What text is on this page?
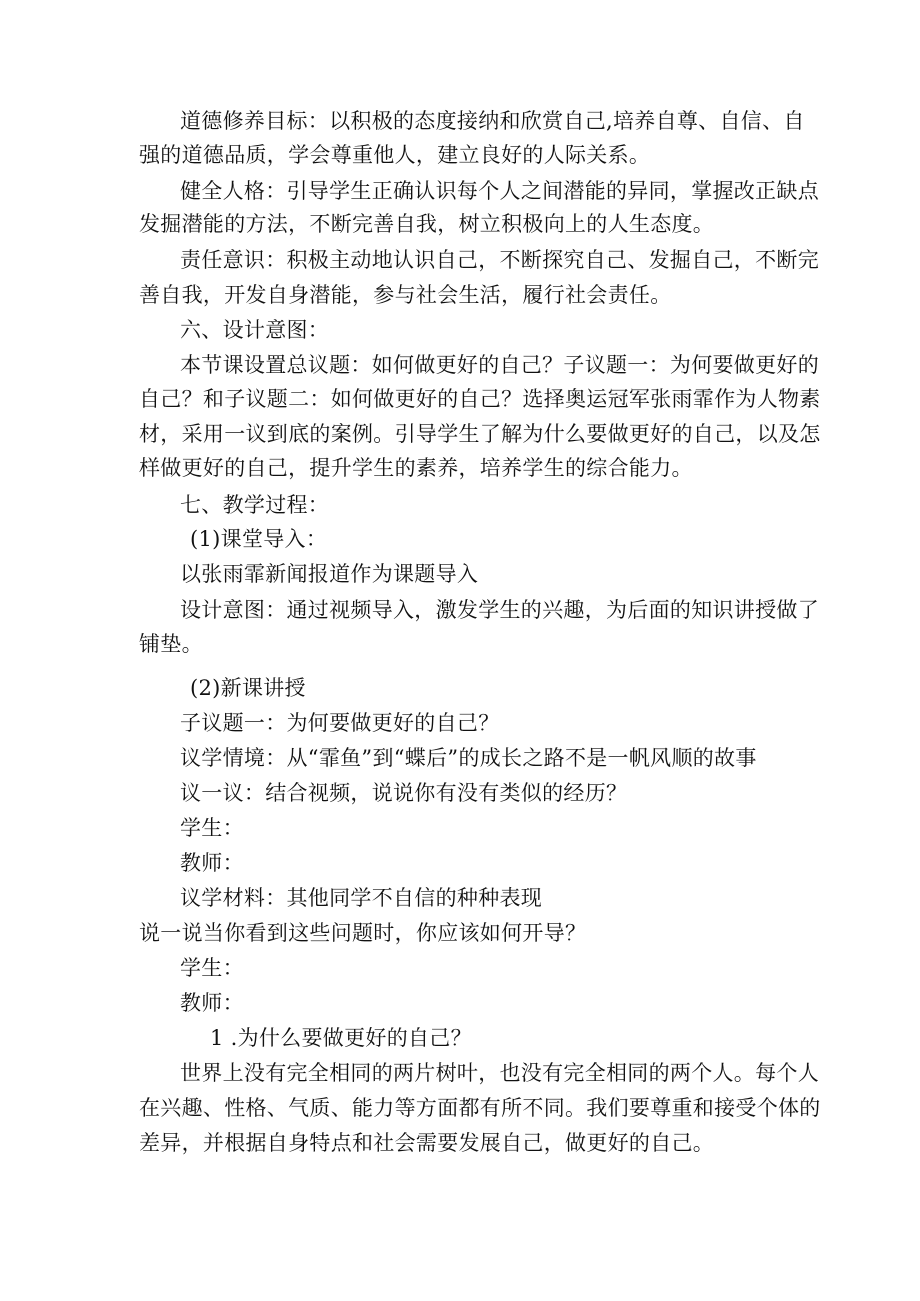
道德修养目标：以积极的态度接纳和欣赏自己,培养自尊、自信、自
强的道德品质，学会尊重他人，建立良好的人际关系。
健全人格：引导学生正确认识每个人之间潜能的异同，掌握改正缺点
发掘潜能的方法，不断完善自我，树立积极向上的人生态度。
责任意识：积极主动地认识自己，不断探究自己、发掘自己，不断完
善自我，开发自身潜能，参与社会生活，履行社会责任。
六、设计意图：
本节课设置总议题：如何做更好的自己？子议题一：为何要做更好的
自己？和子议题二：如何做更好的自己？选择奥运冠军张雨霏作为人物素
材，采用一议到底的案例。引导学生了解为什么要做更好的自己，以及怎
样做更好的自己，提升学生的素养，培养学生的综合能力。
七、教学过程：
(1)课堂导入：
以张雨霏新闻报道作为课题导入
设计意图：通过视频导入，激发学生的兴趣，为后面的知识讲授做了
铺垫。
(2)新课讲授
子议题一：为何要做更好的自己？
议学情境：从“霏鱼”到“蝶后”的成长之路不是一帆风顺的故事
议一议：结合视频，说说你有没有类似的经历？
学生：
教师：
议学材料：其他同学不自信的种种表现
说一说当你看到这些问题时，你应该如何开导？
学生：
教师：
1 .为什么要做更好的自己？
世界上没有完全相同的两片树叶，也没有完全相同的两个人。每个人
在兴趣、性格、气质、能力等方面都有所不同。我们要尊重和接受个体的
差异，并根据自身特点和社会需要发展自己，做更好的自己。
